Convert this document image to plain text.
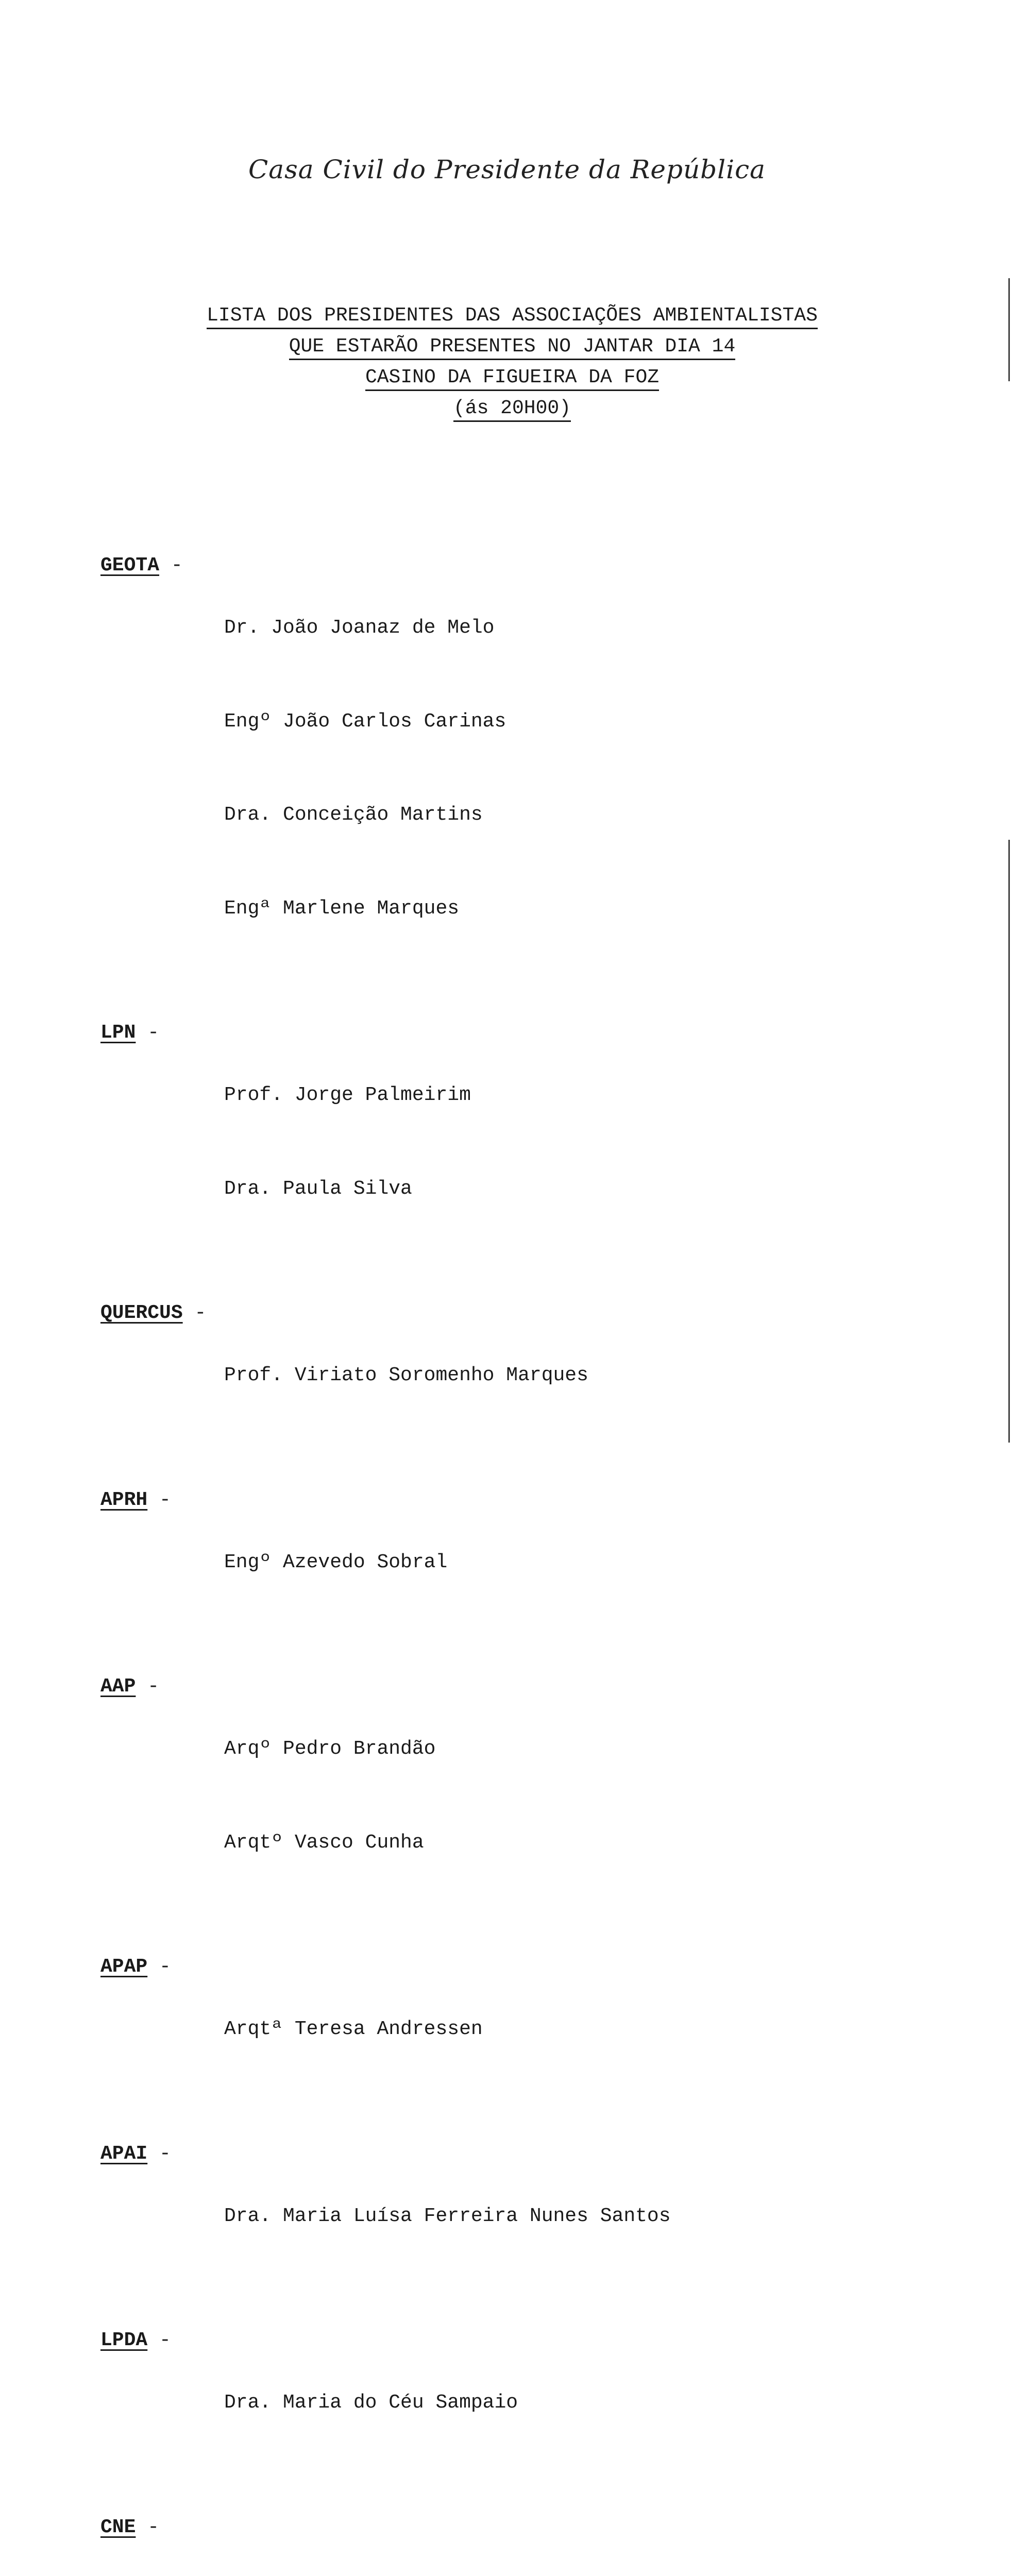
Casa Civil do Presidente da República
LISTA DOS PRESIDENTES DAS ASSOCIAÇÕES AMBIENTALISTAS
QUE ESTARÃO PRESENTES NO JANTAR DIA 14
CASINO DA FIGUEIRA DA FOZ
(ás 20H00)
GEOTA -

Dr. João Joanaz de Melo

Engº João Carlos Carinas

Dra. Conceição Martins

Engª Marlene Marques

LPN -

Prof. Jorge Palmeirim

Dra. Paula Silva

QUERCUS -

Prof. Viriato Soromenho Marques

APRH -

Engº Azevedo Sobral

AAP -

Arqº Pedro Brandão

Arqtº Vasco Cunha

APAP -

Arqtª Teresa Andressen

APAI -

Dra. Maria Luísa Ferreira Nunes Santos

LPDA -

Dra. Maria do Céu Sampaio

CNE -
